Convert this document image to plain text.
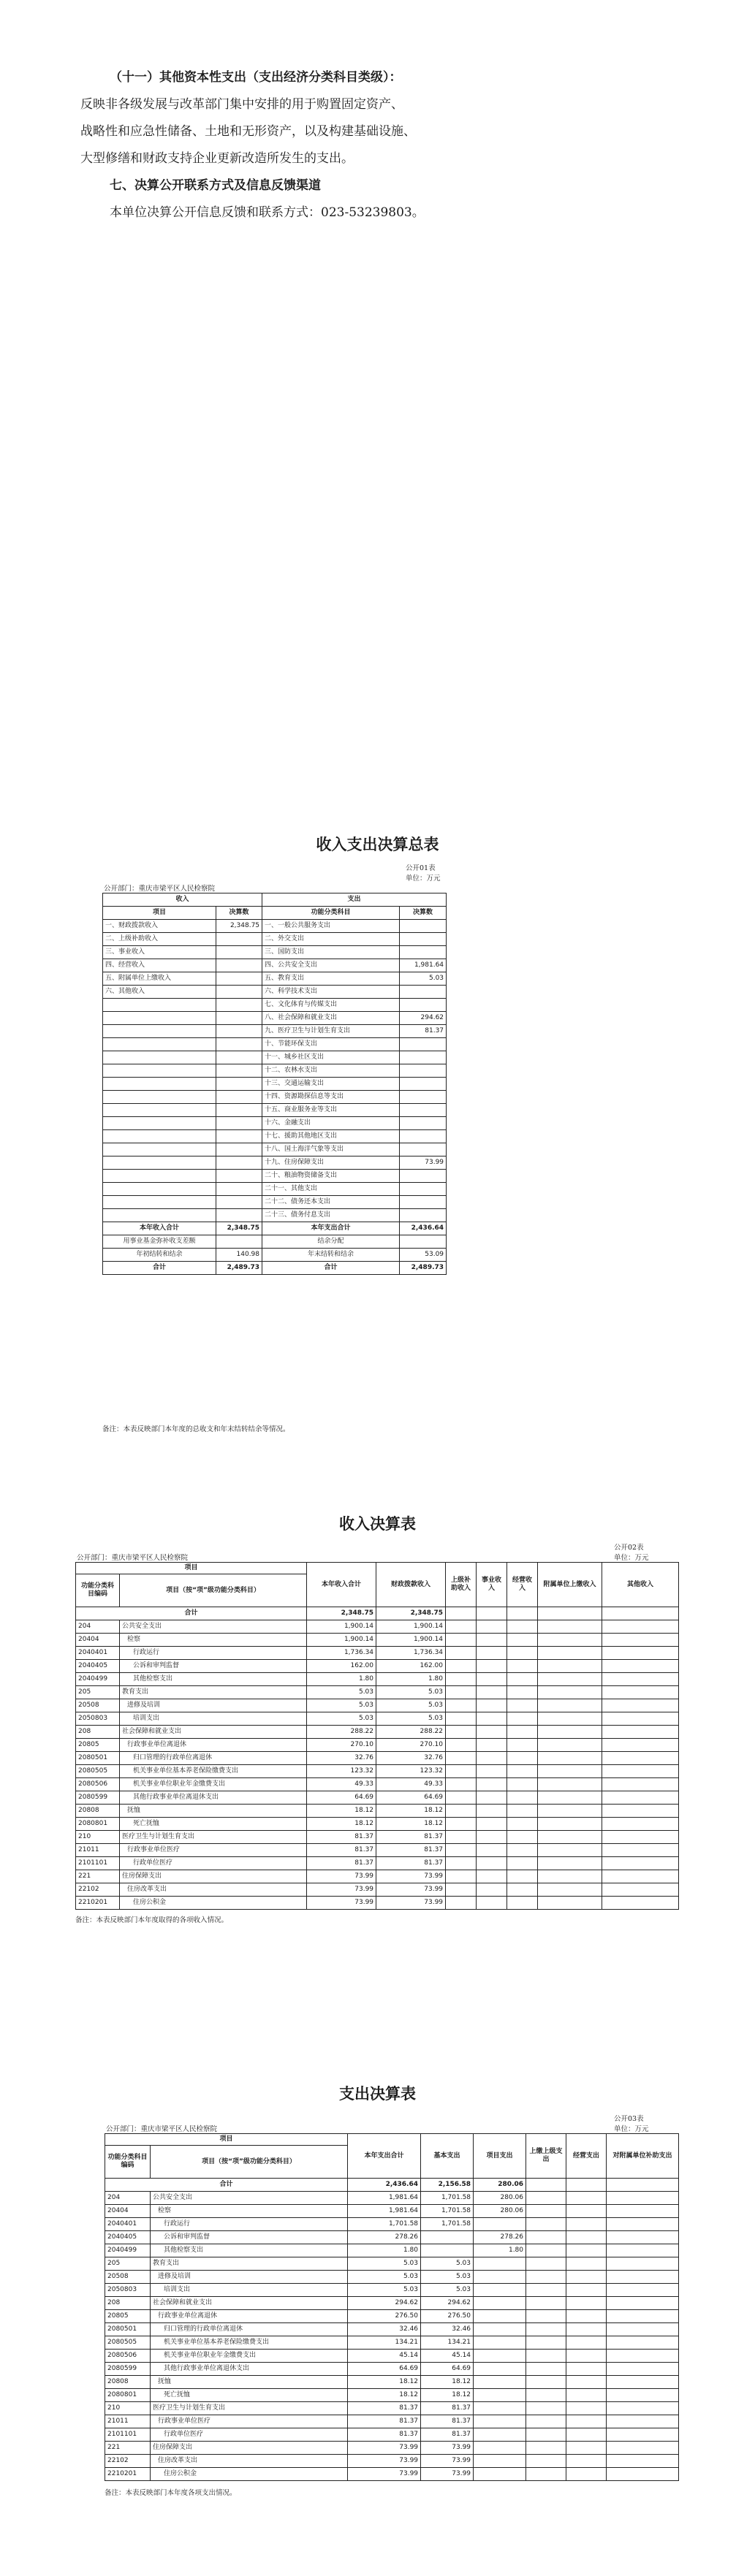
（十一）其他资本性支出（支出经济分类科目类级）：

反映非各级发展与改革部门集中安排的用于购置固定资产、

战略性和应急性储备、土地和无形资产，以及构建基础设施、

大型修缮和财政支持企业更新改造所发生的支出。

七、决算公开联系方式及信息反馈渠道

本单位决算公开信息反馈和联系方式：023-53239803。

收入支出决算总表
公开01表
单位：万元
公开部门：重庆市梁平区人民检察院
收入		支出	
项目	决算数	功能分类科目	决算数
一、财政拨款收入	2,348.75	一、一般公共服务支出	
二、上级补助收入		二、外交支出	
三、事业收入		三、国防支出	
四、经营收入		四、公共安全支出	1,981.64
五、附属单位上缴收入		五、教育支出	5.03
六、其他收入		六、科学技术支出	
		七、文化体育与传媒支出	
		八、社会保障和就业支出	294.62
		九、医疗卫生与计划生育支出	81.37
		十、节能环保支出	
		十一、城乡社区支出	
		十二、农林水支出	
		十三、交通运输支出	
		十四、资源勘探信息等支出	
		十五、商业服务业等支出	
		十六、金融支出	
		十七、援助其他地区支出	
		十八、国土海洋气象等支出	
		十九、住房保障支出	73.99
		二十、粮油物资储备支出	
		二十一、其他支出	
		二十二、债务还本支出	
		二十三、债务付息支出	
本年收入合计	2,348.75	本年支出合计	2,436.64
用事业基金弥补收支差额		结余分配	
年初结转和结余	140.98	年末结转和结余	53.09
合计	2,489.73	合计	2,489.73
备注：本表反映部门本年度的总收支和年末结转结余等情况。
收入决算表
公开02表
单位：万元
公开部门：重庆市梁平区人民检察院
项目		本年收入合计	财政拨款收入	上级补助收入	事业收入	经营收入	附属单位上缴收入	其他收入
功能分类科目编码	项目（按“项”级功能分类科目）							
合计		2,348.75	2,348.75					
204	公共安全支出	1,900.14	1,900.14					
20404	检察	1,900.14	1,900.14					
2040401	行政运行	1,736.34	1,736.34					
2040405	公诉和审判监督	162.00	162.00					
2040499	其他检察支出	1.80	1.80					
205	教育支出	5.03	5.03					
20508	进修及培训	5.03	5.03					
2050803	培训支出	5.03	5.03					
208	社会保障和就业支出	288.22	288.22					
20805	行政事业单位离退休	270.10	270.10					
2080501	归口管理的行政单位离退休	32.76	32.76					
2080505	机关事业单位基本养老保险缴费支出	123.32	123.32					
2080506	机关事业单位职业年金缴费支出	49.33	49.33					
2080599	其他行政事业单位离退休支出	64.69	64.69					
20808	抚恤	18.12	18.12					
2080801	死亡抚恤	18.12	18.12					
210	医疗卫生与计划生育支出	81.37	81.37					
21011	行政事业单位医疗	81.37	81.37					
2101101	行政单位医疗	81.37	81.37					
221	住房保障支出	73.99	73.99					
22102	住房改革支出	73.99	73.99					
2210201	住房公积金	73.99	73.99					
备注：本表反映部门本年度取得的各项收入情况。
支出决算表
公开03表
单位：万元
公开部门：重庆市梁平区人民检察院
项目		本年支出合计	基本支出	项目支出	上缴上级支出	经营支出	对附属单位补助支出
功能分类科目编码	项目（按“项”级功能分类科目）						
合计		2,436.64	2,156.58	280.06			
204	公共安全支出	1,981.64	1,701.58	280.06			
20404	检察	1,981.64	1,701.58	280.06			
2040401	行政运行	1,701.58	1,701.58				
2040405	公诉和审判监督	278.26		278.26			
2040499	其他检察支出	1.80		1.80			
205	教育支出	5.03	5.03				
20508	进修及培训	5.03	5.03				
2050803	培训支出	5.03	5.03				
208	社会保障和就业支出	294.62	294.62				
20805	行政事业单位离退休	276.50	276.50				
2080501	归口管理的行政单位离退休	32.46	32.46				
2080505	机关事业单位基本养老保险缴费支出	134.21	134.21				
2080506	机关事业单位职业年金缴费支出	45.14	45.14				
2080599	其他行政事业单位离退休支出	64.69	64.69				
20808	抚恤	18.12	18.12				
2080801	死亡抚恤	18.12	18.12				
210	医疗卫生与计划生育支出	81.37	81.37				
21011	行政事业单位医疗	81.37	81.37				
2101101	行政单位医疗	81.37	81.37				
221	住房保障支出	73.99	73.99				
22102	住房改革支出	73.99	73.99				
2210201	住房公积金	73.99	73.99				
备注：本表反映部门本年度各项支出情况。
